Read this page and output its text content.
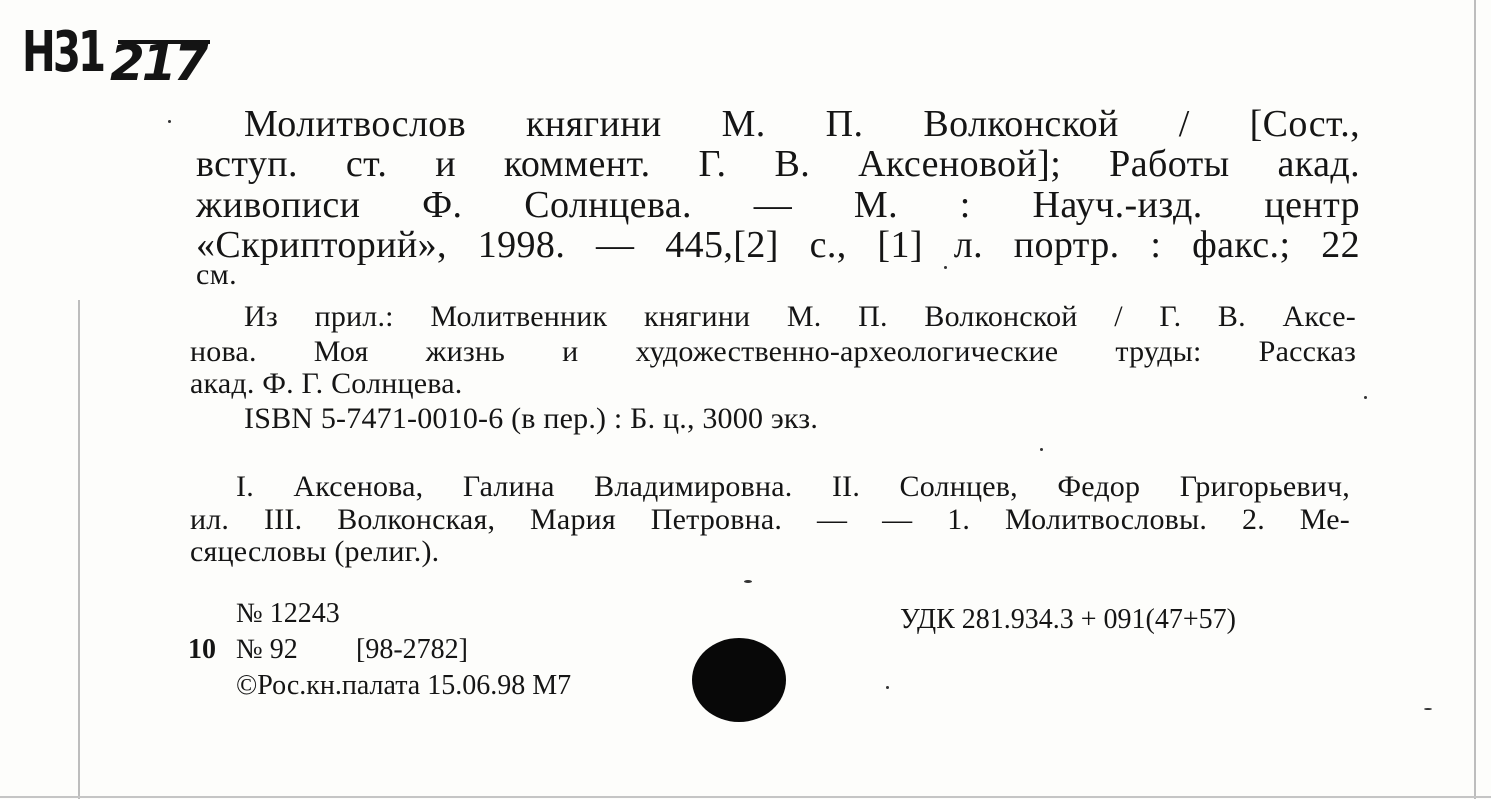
Н31 217
Молитвослов княгини М. П. Волконской / [Сост.,
вступ. ст. и коммент. Г. В. Аксеновой]; Работы акад.
живописи Ф. Солнцева. — М. : Науч.-изд. центр
«Скрипторий», 1998. — 445,[2] с., [1] л. портр. : факс.; 22
см.
Из прил.: Молитвенник княгини М. П. Волконской / Г. В. Аксе-
нова. Моя жизнь и художественно-археологические труды: Рассказ
акад. Ф. Г. Солнцева.
ISBN 5-7471-0010-6 (в пер.) : Б. ц., 3000 экз.
I. Аксенова, Галина Владимировна. II. Солнцев, Федор Григорьевич,
ил. III. Волконская, Мария Петровна. — — 1. Молитвословы. 2. Ме-
сяцесловы (религ.).
№ 12243	УДК 281.934.3 + 091(47+57)
10 № 92	[98-2782]
©Рос.кн.палата 15.06.98 М7
